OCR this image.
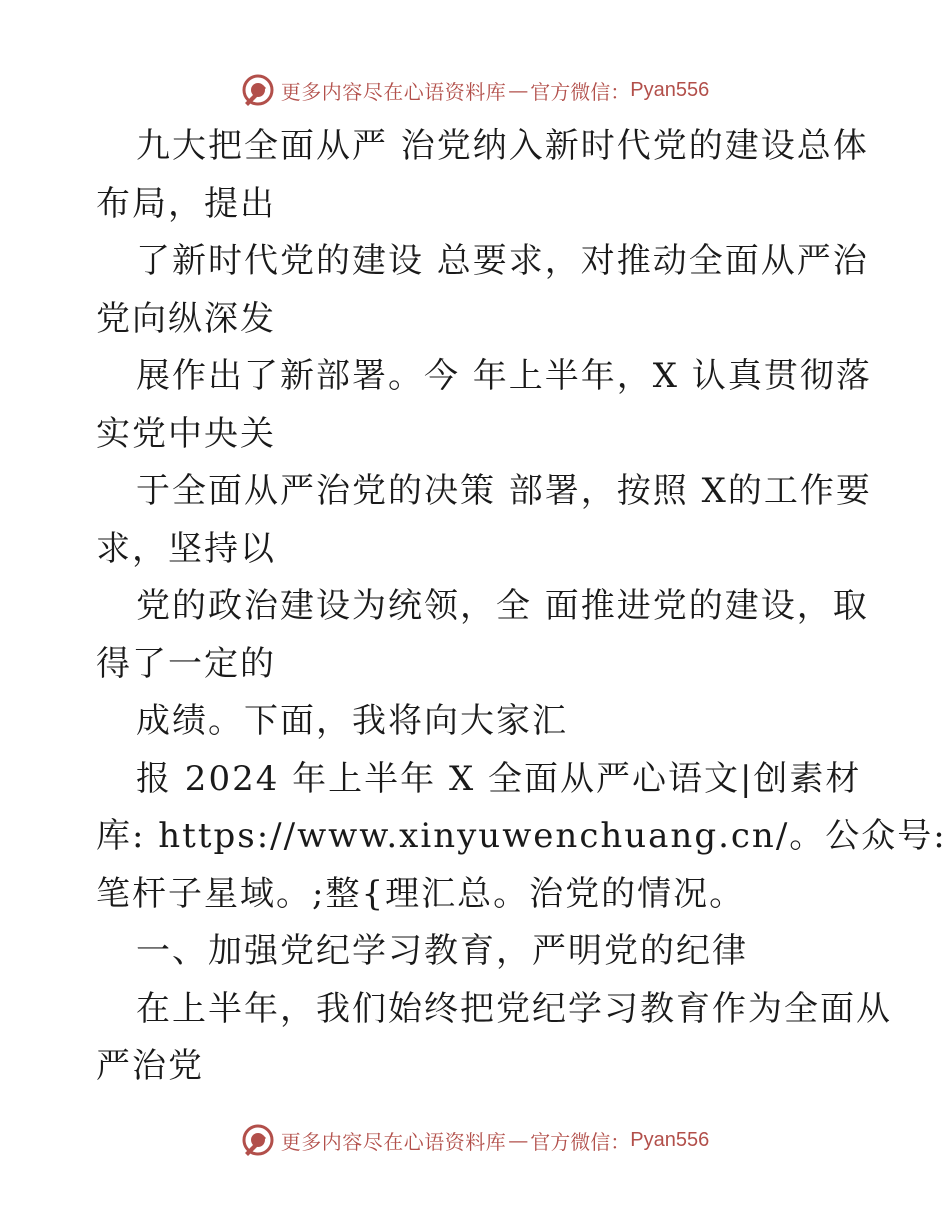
更多内容尽在心语资料库 — 官方微信： Pyan556
九大把全面从严 治党纳入新时代党的建设总体
布局，提出
了新时代党的建设 总要求，对推动全面从严治
党向纵深发
展作出了新部署。今 年上半年，X 认真贯彻落
实党中央关
于全面从严治党的决策 部署，按照 X的工作要
求，坚持以
党的政治建设为统领，全 面推进党的建设，取
得了一定的
成绩。下面，我将向大家汇
报 2024 年上半年 X 全面从严心语文|创素材
库: https://www.xinyuwenchuang.cn/。公众号:
笔杆子星域。;整{理汇总。治党的情况。
一、加强党纪学习教育，严明党的纪律
在上半年，我们始终把党纪学习教育作为全面从
严治党
更多内容尽在心语资料库 — 官方微信： Pyan556
